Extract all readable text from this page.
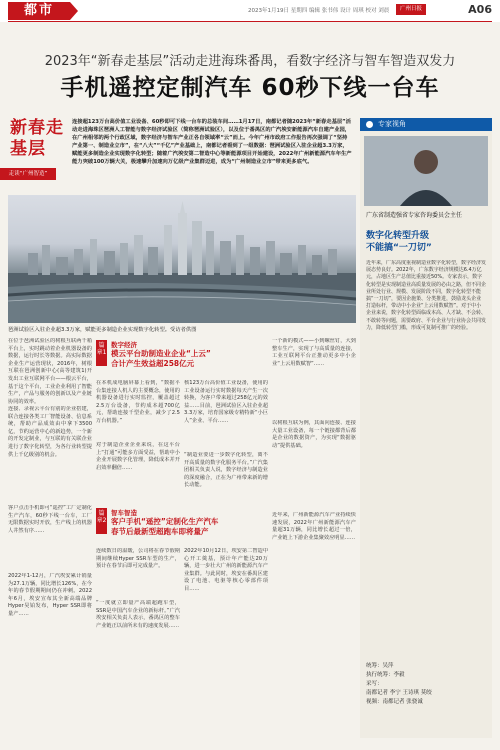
都市	2023年1月19日 星期四 编辑 张书伟 设计 周琪 校对 刘晨	广州日报	A06
2023年“新春走基层”活动走进海珠番禺，看数字经济与智车智造双发力
手机遥控定制汽车 60秒下线一台车
新春走基层
走读“广州智造”
连接超123万台高价值工业设备、60秒即可下线一台车的总装车间……1月17日，南都记者随2023年“新春走基层”活动走进海珠区琶洲人工智能与数字经济试验区（简称琶洲试验区），以及位于番禺区的广汽埃安新能源汽车自建产业园，在广州相邻的两个行政区域，数字经济与智车产业正各自领域率“云”而上。今年广州市政府工作报告再次强调了“坚持产业第一、制造业立市”，在“八大”“千亿”产业基础上，南都记者看到了一组数据：琶洲试验区入驻企业超3.3万家，赋能更多制造企业实现数字化转型；随着广汽埃安第二智造中心等新能源项目开始建设，2022年广州新能源汽车年生产能力突破100万辆大关，极速攀升加速向万亿级产业集群迈进，成为“广州制造业立市”带来更多底气。
琶洲试验区入驻企业超3.3万家，赋能更多制造企业实现数字化转型。受访者供图
在位于琶洲试验区的树根互联两千箱平台上，实时跳动着企业机器设备的数据，运行时长等数据。高实际数据企业生产运营现状，2016年，树根互联在琶洲创新中心(高等建筑1)开发出工业互联网平台——根云平台，基于这个平台，工业企业利用了智能生产，产品与服务的创新以及产业链协同的效率。
连接、录视云平台有别的企业搭建，联合连接各类工厂智能设备、信息系统，帮助产品成效由中拿下3500亿，节约运营中心的新趋势，一个新的开发定制业，与互联的有关联企业进行了数字化转型，为各行业转型提供上千亿级别的机会。
篇章1
数字经济
模云平台助制造业企业“上云”
合计产生效益超258亿元
在本机成电脑屏幕上看到，“数据平台集连接人机人的主要概念，使用的机器设备进行实时监控，覆盖超过2.5万台设备，节约成本超700亿元，帮助连接千型企业，减少了2.5万台机器。”
对于制造企业企业来说，在这平台上“打通”可能多方面受益，帮助中小企业开展数字化管理，降低成本并开启效率翻倍……
核123万台高价值工业设备，使用的工业设备运行实时数据每天产生一次转换，为客户带来超过258亿元的效益……目前，琶洲试验区入驻企业超3.3万家，培育国家级专精特新“小巨人”企业、平台……
“制造业要进一步数字化转型，离不开高质量的数字化服务平台。”广汽集团相关负责人说，数字经济与制造业的深度融合，正在为广州带来新的增长动能。
一个新的模式——小到螺丝钉，大到整车生产，实现了与高质量的连接，工业互联网平台正推动更多中小企业“上云用数赋智”……
以树根互联为例，其面向连接、连接大量工业设备，每一个链接都背后都是企业的数据资产，为实现“数据驱动”提供基础。
客户点击手机即可“遥控”工厂定制化生产汽车，60秒下线一台车，工厂无限数据实时开放，生产线上的机器人井然有序……
2022年1-12月，广汽埃安累计销量为27.1万辆，同比增长126%，在今年的春节假期期间仍在冲刺。2022年6月，埃安宣布其全新高端品牌Hyper昊铂发布，Hyper SSR即将量产……
篇章2
智车智造
客户手机“遥控”定制化生产汽车
春节后最新型超跑车即将量产
连续数日的温暖，公司将在春节假期期间继续Hyper SSR车型的生产，预计在春节后即可完成量产。
“一度就立即量产高端超跑车型，SSR是中国汽车企业的新标杆。”广汽埃安相关负责人表示，番禺区的整车产业链正以前所未有的速度发展……
2022年10月12日，埃安第二智造中心开工奠基，预计年产能达20万辆，进一步壮大广州的新能源汽车产业集群。与此同时，埃安在番禺区建设了电池、电驱等核心零部件项目……
近年来，广州新能源汽车产业持续快速发展，2022年广州新能源汽车产量超31万辆，同比增长超过一倍，产业链上下游企业集聚效应明显……
专家视角
广东省制造强省专家咨询委员会主任
数字化转型升级
不能搞“一刀切”
近年来，广东高度重视制造业数字化转型，数字经济发展态势良好。2022年，广东数字经济规模达6.4万亿元，占地区生产总值比重接近50%。专家表示，数字化转型是实现制造业高质量发展的必由之路，但不同企业所处行业、规模、发展阶段不同，数字化转型不能搞“一刀切”，要因企施策、分类推进，鼓励龙头企业打造标杆，带动中小企业“上云用数赋智”。对于中小企业来说，数字化转型面临成本高、人才缺、不会转、不敢转等问题，需要政府、平台企业与行业协会共同发力，降低转型门槛，形成可复制可推广的经验。
统筹：吴萍
执行统筹：李毅
采写：
南都记者 李宁 王诗琪 莫皎
视频：南都记者 张骁诚
